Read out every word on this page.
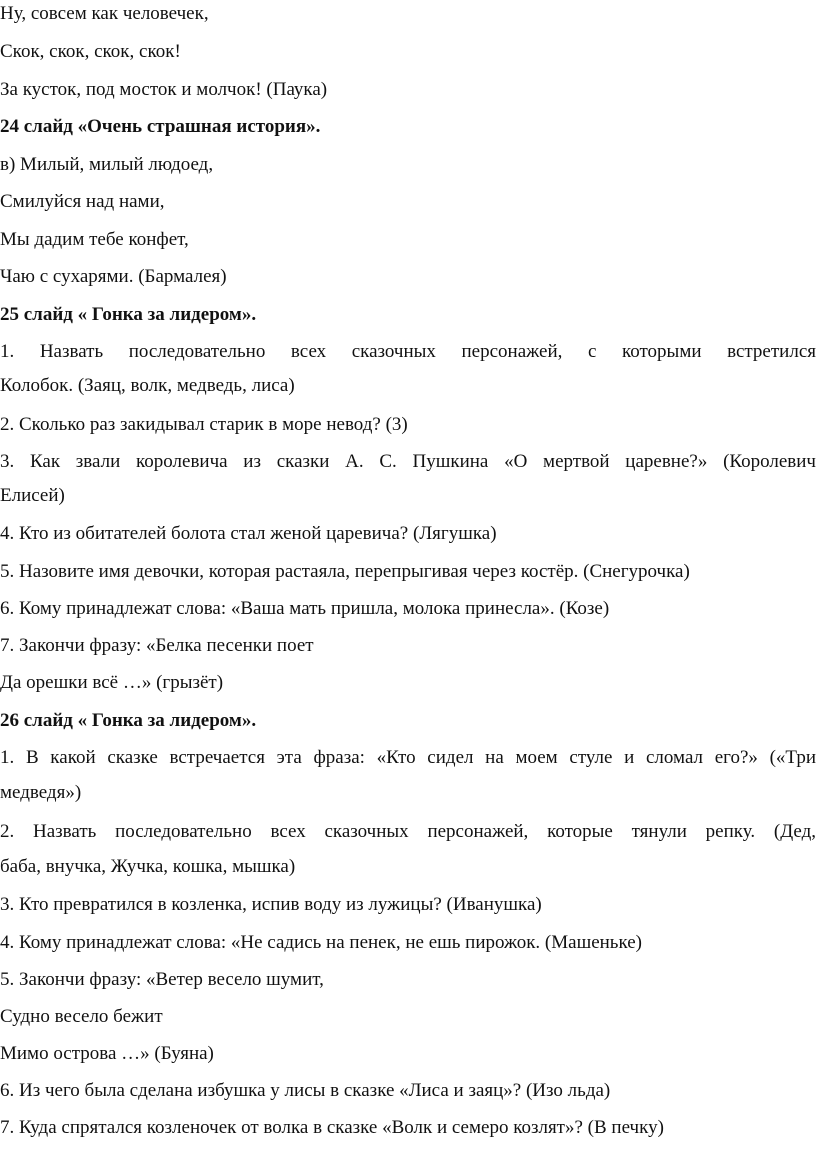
Ну, совсем как человечек,
Скок, скок, скок, скок!
За кусток, под мосток и молчок! (Паука)
24 слайд «Очень страшная история».
в) Милый, милый людоед,
Смилуйся над нами,
Мы дадим тебе конфет,
Чаю с сухарями. (Бармалея)
25 слайд « Гонка за лидером».
1. Назвать последовательно всех сказочных персонажей, с которыми встретился
Колобок. (Заяц, волк, медведь, лиса)
2. Сколько раз закидывал старик в море невод? (3)
3. Как звали королевича из сказки А. С. Пушкина «О мертвой царевне?» (Королевич
Елисей)
4. Кто из обитателей болота стал женой царевича? (Лягушка)
5. Назовите имя девочки, которая растаяла, перепрыгивая через костёр. (Снегурочка)
6. Кому принадлежат слова: «Ваша мать пришла, молока принесла». (Козе)
7. Закончи фразу: «Белка песенки поет
Да орешки всё …» (грызёт)
26 слайд « Гонка за лидером».
1. В какой сказке встречается эта фраза: «Кто сидел на моем стуле и сломал его?» («Три
медведя»)
2. Назвать последовательно всех сказочных персонажей, которые тянули репку. (Дед,
баба, внучка, Жучка, кошка, мышка)
3. Кто превратился в козленка, испив воду из лужицы? (Иванушка)
4. Кому принадлежат слова: «Не садись на пенек, не ешь пирожок. (Машеньке)
5. Закончи фразу: «Ветер весело шумит,
Судно весело бежит
Мимо острова …» (Буяна)
6. Из чего была сделана избушка у лисы в сказке «Лиса и заяц»? (Изо льда)
7. Куда спрятался козленочек от волка в сказке «Волк и семеро козлят»? (В печку)
